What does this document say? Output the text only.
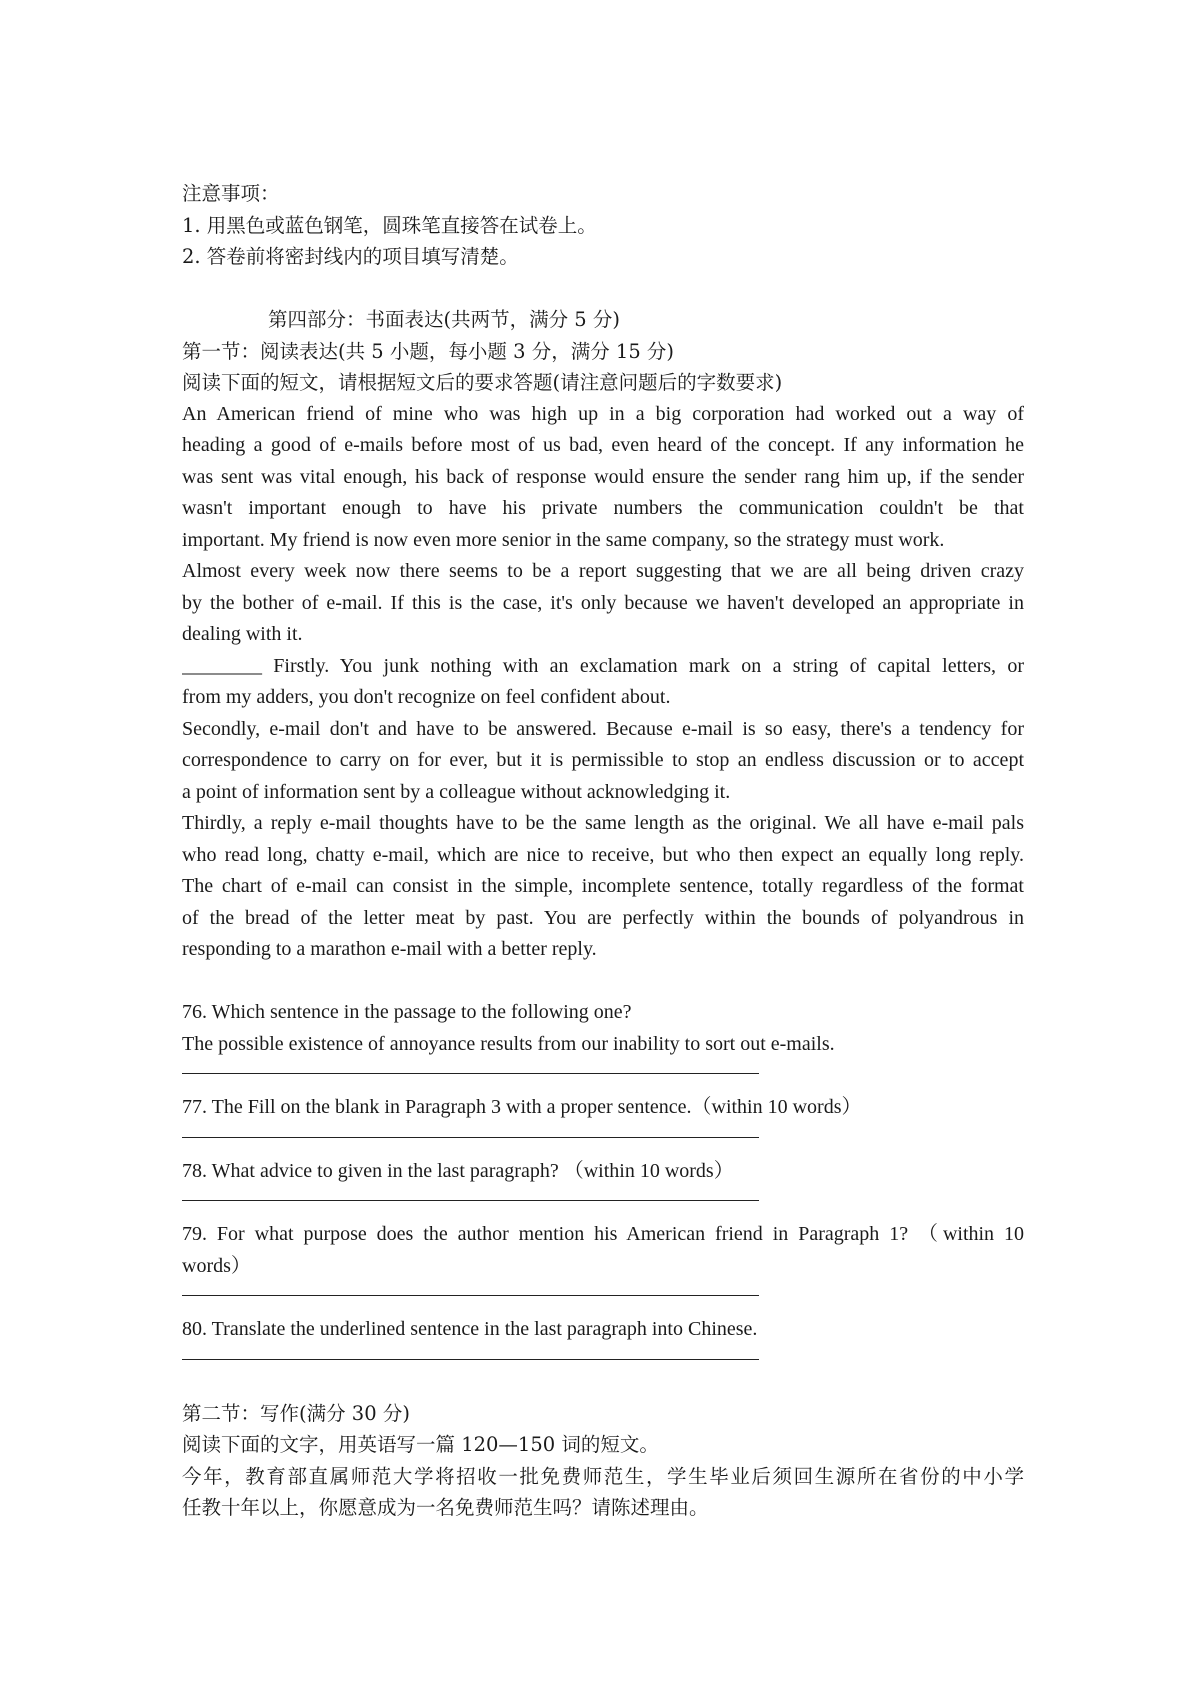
注意事项：
1. 用黑色或蓝色钢笔，圆珠笔直接答在试卷上。
2. 答卷前将密封线内的项目填写清楚。
第四部分：书面表达(共两节，满分 5 分)
第一节：阅读表达(共 5 小题，每小题 3 分，满分 15 分)
阅读下面的短文，请根据短文后的要求答题(请注意问题后的字数要求)
An American friend of mine who was high up in a big corporation had worked out a way of
heading a good of e-mails before most of us bad, even heard of the concept. If any information he
was sent was vital enough, his back of response would ensure the sender rang him up, if the sender
wasn't important enough to have his private numbers the communication couldn't be that
important. My friend is now even more senior in the same company, so the strategy must work.
Almost every week now there seems to be a report suggesting that we are all being driven crazy
by the bother of e-mail. If this is the case, it's only because we haven't developed an appropriate in
dealing with it.
________ Firstly. You junk nothing with an exclamation mark on a string of capital letters, or
from my adders, you don't recognize on feel confident about.
Secondly, e-mail don't and have to be answered. Because e-mail is so easy, there's a tendency for
correspondence to carry on for ever, but it is permissible to stop an endless discussion or to accept
a point of information sent by a colleague without acknowledging it.
Thirdly, a reply e-mail thoughts have to be the same length as the original. We all have e-mail pals
who read long, chatty e-mail, which are nice to receive, but who then expect an equally long reply.
The chart of e-mail can consist in the simple, incomplete sentence, totally regardless of the format
of the bread of the letter meat by past. You are perfectly within the bounds of polyandrous in
responding to a marathon e-mail with a better reply.
76. Which sentence in the passage to the following one?
The possible existence of annoyance results from our inability to sort out e-mails.
77. The Fill on the blank in Paragraph 3 with a proper sentence.（within 10 words）
78. What advice to given in the last paragraph? （within 10 words）
79. For what purpose does the author mention his American friend in Paragraph 1? （within 10
words）
80. Translate the underlined sentence in the last paragraph into Chinese.
第二节：写作(满分 30 分)
阅读下面的文字，用英语写一篇 120—150 词的短文。
今年，教育部直属师范大学将招收一批免费师范生，学生毕业后须回生源所在省份的中小学
任教十年以上，你愿意成为一名免费师范生吗？请陈述理由。
